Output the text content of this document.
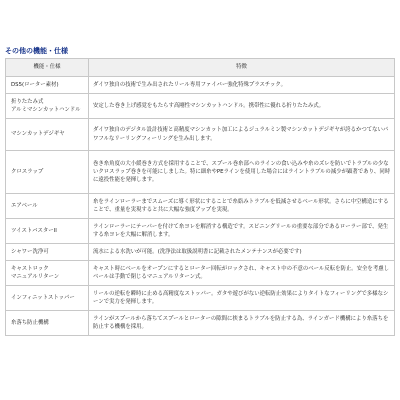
その他の機能・仕様
機能・仕様	特徴

DS5(ローター素材)	ダイワ独自の技術で生み出されたリール専用ファイバー強化特殊プラスチック。

折りたたみ式
アルミマシンカットハンドル	安定した巻き上げ感覚をもたらす高剛性マシンカットハンドル。携帯性に優れる折りたたみ式。

マシンカットデジギヤ	ダイワ独自のデジタル設計技術と高精度マシンカット加工によるジュラルミン製マシンカットデジギヤが誇るかつてないパワフルなリーリングフィーリングを生み出します。

クロスラップ	巻き糸角度の大小緩巻き方式を採用することで、スプール巻糸部へのラインの食い込みや糸のズレを防いでトラブルの少ないクロスラップ巻きを可能にしました。特に細糸やPEラインを使用した場合にはライントラブルの減少が顕著であり、同時に遠投性能を発揮します。

エアベール	糸をラインローラーまでスムーズに導く形状にすることで糸絡みトラブルを低減させるベール形状。さらに中空構造にすることで、重量を実現すると共に大幅な強度アップを実現。

ツイストバスターII	ラインローラーにテーパーを付けて糸ヨレを解消する構造です。スピニングリールの重要な部分であるローラー部で、発生する糸ヨレを大幅に解消します。

シャワー洗浄可	流水による水洗いが可能。(洗浄法は取扱説明書に記載されたメンテナンスが必要です)

キャストロック
マニュアルリターン	キャスト時にベールをオープンにするとローター回転がロックされ、キャスト中の不意のベール反転を防止。安全を考慮しベールは手動で閉じるマニュアルリターン式。

インフィニットストッパー	リールの逆転を瞬時に止める高精度なストッパー。ガタや遊びがない逆転防止効果によりタイトなフィーリングで多様なシーンで実力を発揮します。

糸落ち防止機構	ラインがスプールから落ちてスプールとローターの隙間に挟まるトラブルを防止する為、ラインガード機構により糸落ちを防止する機構を採用。
